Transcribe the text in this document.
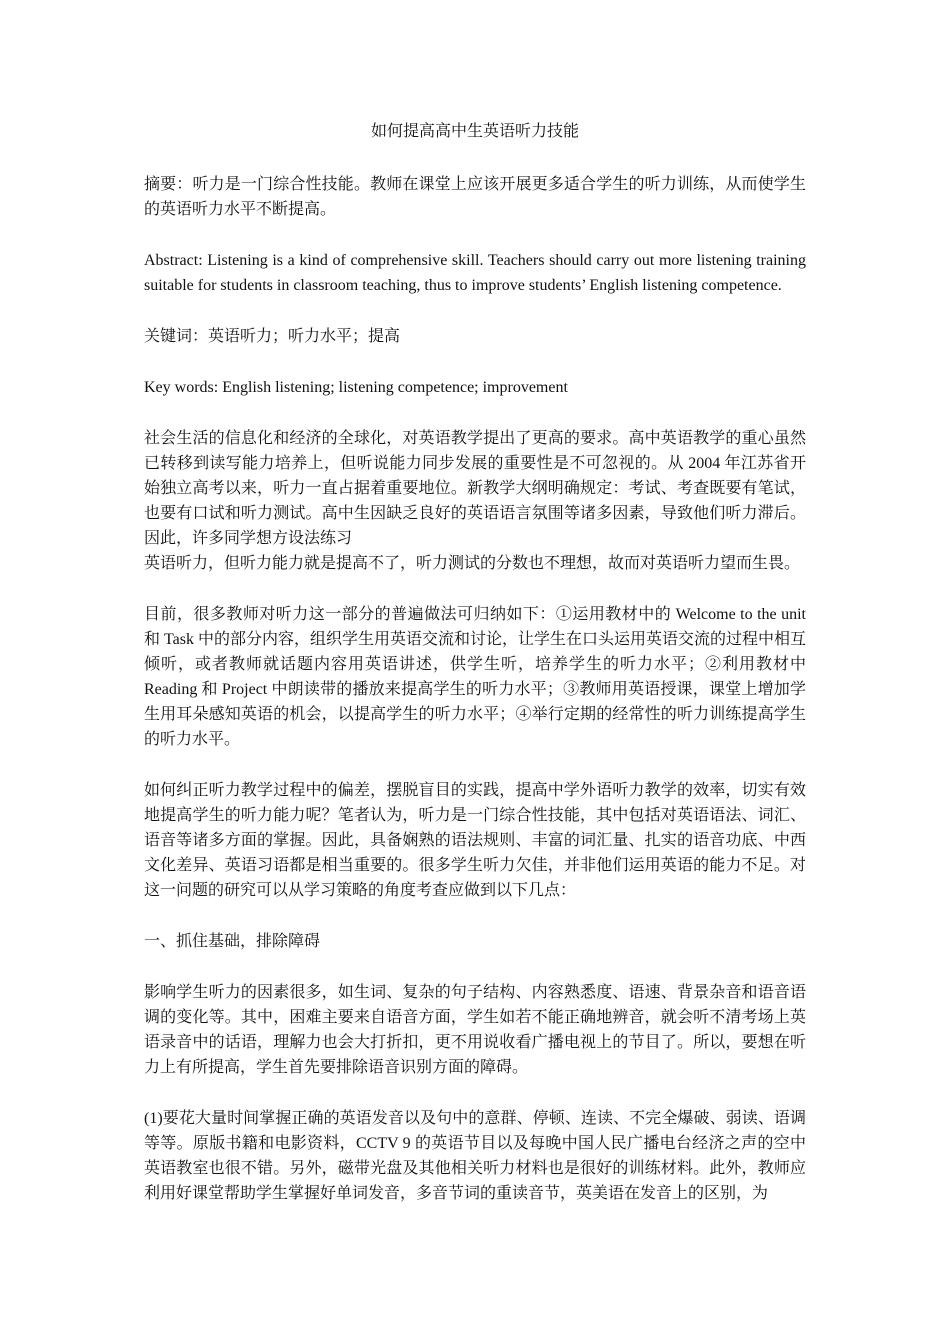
如何提高高中生英语听力技能

摘要：听力是一门综合性技能。教师在课堂上应该开展更多适合学生的听力训练，从而使学生的英语听力水平不断提高。

Abstract: Listening is a kind of comprehensive skill. Teachers should carry out more listening training suitable for students in classroom teaching, thus to improve students’ English listening competence.

关键词：英语听力；听力水平；提高

Key words: English listening; listening competence; improvement

社会生活的信息化和经济的全球化，对英语教学提出了更高的要求。高中英语教学的重心虽然已转移到读写能力培养上，但听说能力同步发展的重要性是不可忽视的。从 2004 年江苏省开始独立高考以来，听力一直占据着重要地位。新教学大纲明确规定：考试、考查既要有笔试，也要有口试和听力测试。高中生因缺乏良好的英语语言氛围等诸多因素，导致他们听力滞后。因此，许多同学想方设法练习

英语听力，但听力能力就是提高不了，听力测试的分数也不理想，故而对英语听力望而生畏。

目前，很多教师对听力这一部分的普遍做法可归纳如下：①运用教材中的 Welcome to the unit 和 Task 中的部分内容，组织学生用英语交流和讨论，让学生在口头运用英语交流的过程中相互倾听，或者教师就话题内容用英语讲述，供学生听，培养学生的听力水平；②利用教材中 Reading 和 Project 中朗读带的播放来提高学生的听力水平；③教师用英语授课，课堂上增加学生用耳朵感知英语的机会，以提高学生的听力水平；④举行定期的经常性的听力训练提高学生的听力水平。

如何纠正听力教学过程中的偏差，摆脱盲目的实践，提高中学外语听力教学的效率，切实有效地提高学生的听力能力呢？笔者认为，听力是一门综合性技能，其中包括对英语语法、词汇、语音等诸多方面的掌握。因此，具备娴熟的语法规则、丰富的词汇量、扎实的语音功底、中西文化差异、英语习语都是相当重要的。很多学生听力欠佳，并非他们运用英语的能力不足。对这一问题的研究可以从学习策略的角度考查应做到以下几点：

一、抓住基础，排除障碍

影响学生听力的因素很多，如生词、复杂的句子结构、内容熟悉度、语速、背景杂音和语音语调的变化等。其中，困难主要来自语音方面，学生如若不能正确地辨音，就会听不清考场上英语录音中的话语，理解力也会大打折扣，更不用说收看广播电视上的节目了。所以，要想在听力上有所提高，学生首先要排除语音识别方面的障碍。

(1)要花大量时间掌握正确的英语发音以及句中的意群、停顿、连读、不完全爆破、弱读、语调等等。原版书籍和电影资料，CCTV 9 的英语节目以及每晚中国人民广播电台经济之声的空中英语教室也很不错。另外，磁带光盘及其他相关听力材料也是很好的训练材料。此外，教师应利用好课堂帮助学生掌握好单词发音，多音节词的重读音节，英美语在发音上的区别，为
